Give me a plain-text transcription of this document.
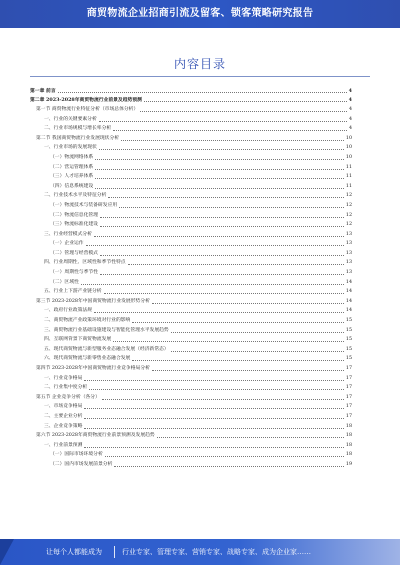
商贸物流企业招商引流及留客、锁客策略研究报告
内容目录
第一章 前言	4
第二章 2023-2028年商贸物流行业前景及趋势预测	4
第一节 商贸物流行业特征分析（市场总体分析）	4
一、行业的关键要素分析	4
二、行业市场规模与增长率分析	4
第二节 我国商贸物流行业发展现状分析	10
一、行业市场的发展现状	10
（一）物流网络体系	10
（二）营运管理体系	11
（三）人才培养体系	11
（四）信息系统建设	11
二、行业技术水平及特征分析	12
（一）物流技术与装备研发应用	12
（二）物流信息化管理	12
（三）物流标准化建设	12
三、行业经营模式分析	13
（一）企业运作	13
（二）管理与经营模式	13
四、行业周期性、区域性和季节性特点	13
（一）周期性与季节性	13
（二）区域性	14
五、行业上下游产业链分析	14
第三节 2023-2028年中国商贸物流行业发展形势分析	14
一、政府行业政策法规	14
二、商贸物流产业政策环境对行业的影响	15
三、商贸物流行业基础设施建设与智能化管理水平发展趋势	15
四、互联网背景下商贸物流发展	15
五、现代商贸物流与新型服务业态融合发展（经济新常态）	15
六、现代商贸物流与新零售业态融合发展	15
第四节 2023-2028年中国商贸物流行业竞争格局分析	17
一、行业竞争格局	17
二、行业集中度分析	17
第五节 企业竞争分析（各分）	17
一、市场竞争格局	17
二、主要企业分析	17
三、企业竞争策略	18
第六节 2023-2028年商贸物流行业前景预测及发展趋势	18
一、行业前景预测	18
（一）国际市场环境分析	18
（二）国内市场发展前景分析	19
让每个人都能成为	行业专家、管理专家、营销专家、战略专家、成为企业家……
